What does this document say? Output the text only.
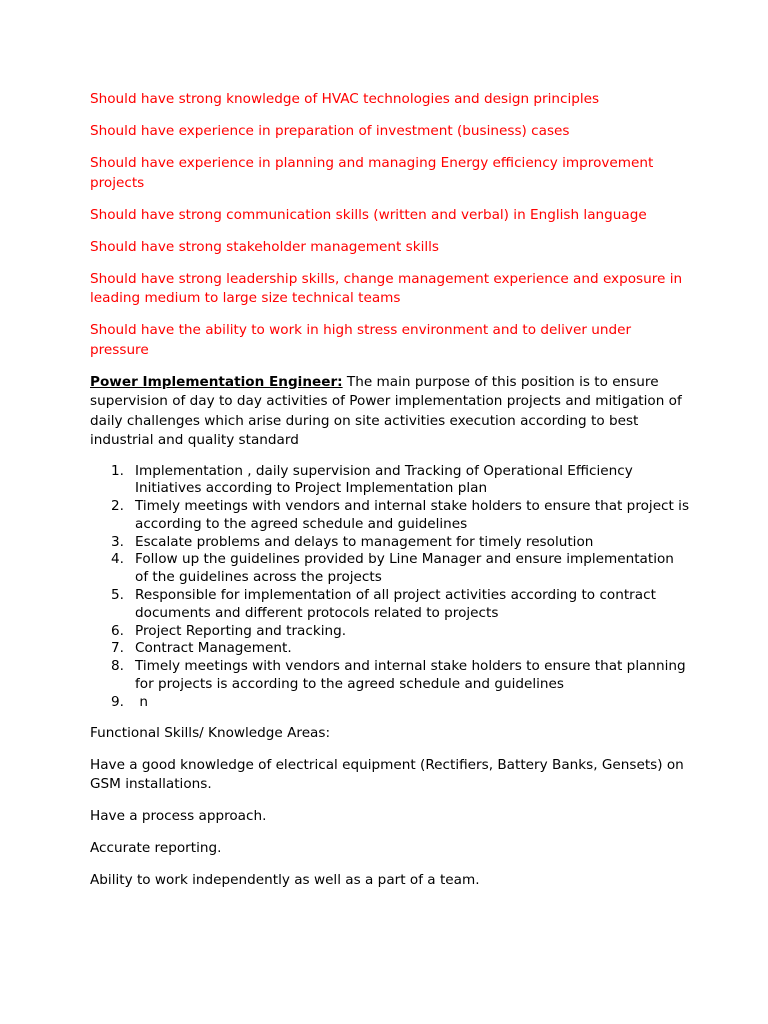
Should have strong knowledge of HVAC technologies and design principles

Should have experience in preparation of investment (business) cases

Should have experience in planning and managing Energy efficiency improvement projects

Should have strong communication skills (written and verbal) in English language

Should have strong stakeholder management skills

Should have strong leadership skills, change management experience and exposure in leading medium to large size technical teams

Should have the ability to work in high stress environment and to deliver under pressure

Power Implementation Engineer: The main purpose of this position is to ensure supervision of day to day activities of Power implementation projects and mitigation of daily challenges which arise during on site activities execution according to best industrial and quality standard

1. Implementation , daily supervision and Tracking of Operational Efficiency Initiatives according to Project Implementation plan
2. Timely meetings with vendors and internal stake holders to ensure that project is according to the agreed schedule and guidelines
3. Escalate problems and delays to management for timely resolution
4. Follow up the guidelines provided by Line Manager and ensure implementation of the guidelines across the projects
5. Responsible for implementation of all project activities according to contract documents and different protocols related to projects
6. Project Reporting and tracking.
7. Contract Management.
8. Timely meetings with vendors and internal stake holders to ensure that planning for projects is according to the agreed schedule and guidelines
9. n

Functional Skills/ Knowledge Areas:

Have a good knowledge of electrical equipment (Rectifiers, Battery Banks, Gensets) on GSM installations.

Have a process approach.

Accurate reporting.

Ability to work independently as well as a part of a team.
